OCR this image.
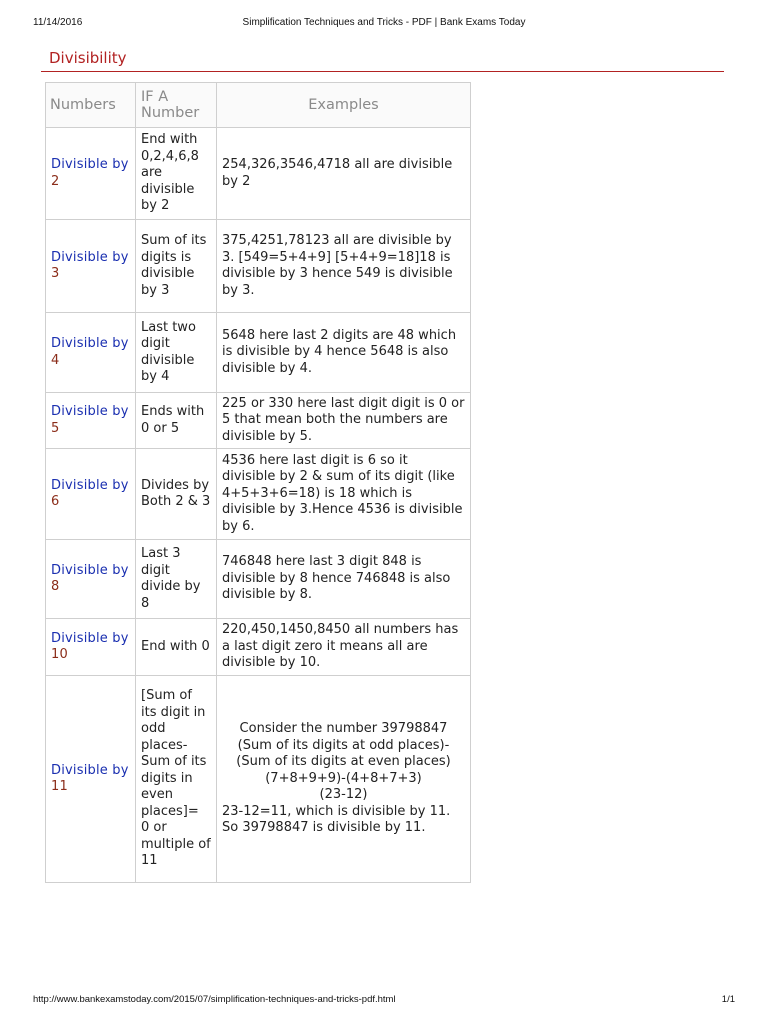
11/14/2016	Simplification Techniques and Tricks - PDF | Bank Exams Today
Divisibility
Numbers	IF A Number	Examples
Divisible by 2	End with 0,2,4,6,8 are divisible by 2	254,326,3546,4718 all are divisible by 2
Divisible by 3	Sum of its digits is divisible by 3	375,4251,78123 all are divisible by 3. [549=5+4+9] [5+4+9=18]18 is divisible by 3 hence 549 is divisible by 3.
Divisible by 4	Last two digit divisible by 4	5648 here last 2 digits are 48 which is divisible by 4 hence 5648 is also divisible by 4.
Divisible by 5	Ends with 0 or 5	225 or 330 here last digit digit is 0 or 5 that mean both the numbers are divisible by 5.
Divisible by 6	Divides by Both 2 & 3	4536 here last digit is 6 so it divisible by 2 & sum of its digit (like 4+5+3+6=18) is 18 which is divisible by 3.Hence 4536 is divisible by 6.
Divisible by 8	Last 3 digit divide by 8	746848 here last 3 digit 848 is divisible by 8 hence 746848 is also divisible by 8.
Divisible by 10	End with 0	220,450,1450,8450 all numbers has a last digit zero it means all are divisible by 10.
Divisible by 11	[Sum of its digit in odd places-Sum of its digits in even places]= 0 or multiple of 11	Consider the number 39798847
(Sum of its digits at odd places)-(Sum of its digits at even places)
(7+8+9+9)-(4+8+7+3)
(23-12)
23-12=11, which is divisible by 11. So 39798847 is divisible by 11.
http://www.bankexamstoday.com/2015/07/simplification-techniques-and-tricks-pdf.html	1/1
